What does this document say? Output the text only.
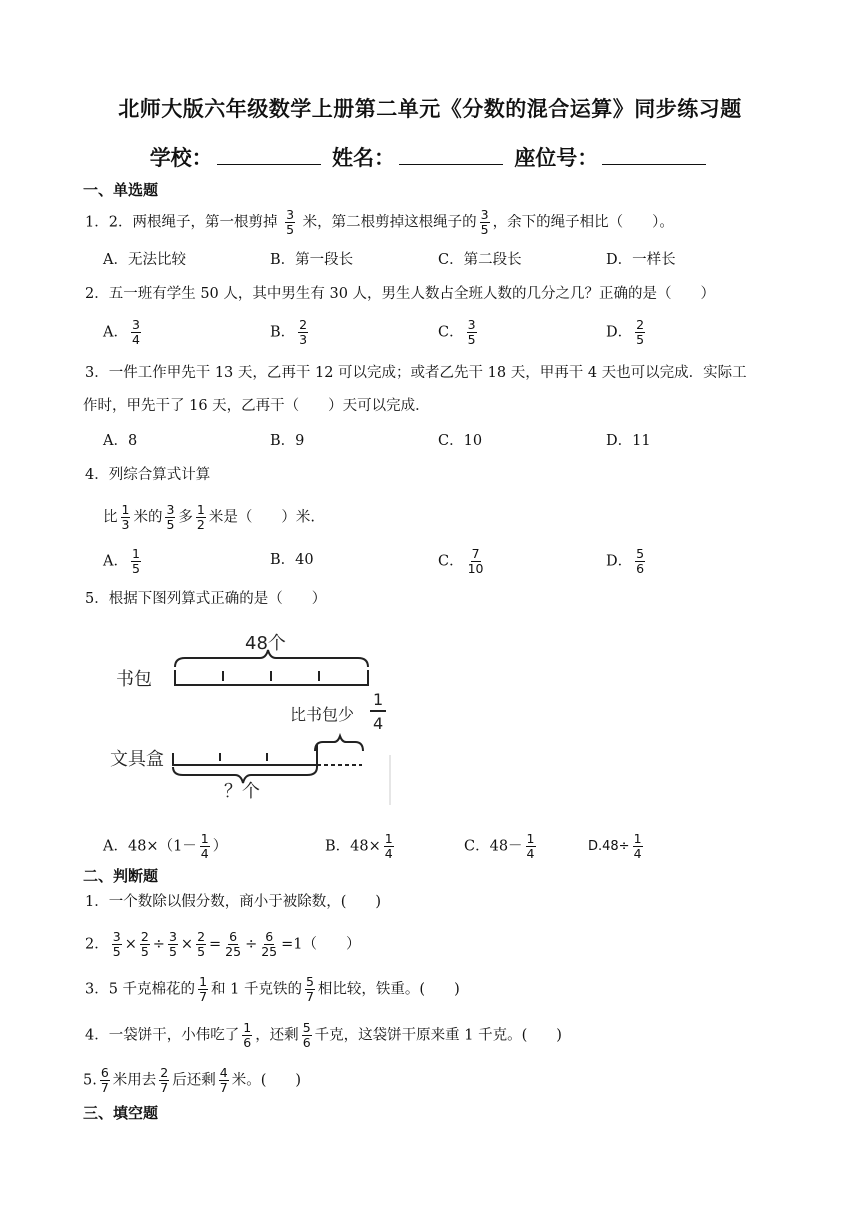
北师大版六年级数学上册第二单元《分数的混合运算》同步练习题
学校：	姓名：	座位号：
一、单选题
1．2．两根绳子，第一根剪掉 $\frac{3}{5}$ 米，第二根剪掉这根绳子的 $\frac{3}{5}$ ，余下的绳子相比（　　）。
A．无法比较	B．第一段长	C．第二段长	D．一样长
2．五一班有学生 50 人，其中男生有 30 人，男生人数占全班人数的几分之几？正确的是（　　）
A． $\frac{3}{4}$	B． $\frac{2}{3}$	C． $\frac{3}{5}$	D． $\frac{2}{5}$
3．一件工作甲先干 13 天，乙再干 12 可以完成；或者乙先干 18 天，甲再干 4 天也可以完成．实际工
作时，甲先干了 16 天，乙再干（　　）天可以完成．
A．8	B．9	C．10	D．11
4．列综合算式计算
比 $\frac{1}{3}$ 米的 $\frac{3}{5}$ 多 $\frac{1}{2}$ 米是（　　）米.
A． $\frac{1}{5}$	B．40	C． $\frac{7}{10}$	D． $\frac{5}{6}$
5．根据下图列算式正确的是（　　）
48个
书包
比书包少
1
4
文具盒
？个
A．$48\times(1- \frac{1}{4}$ ）	B．$48\times \frac{1}{4}$	C．$48- \frac{1}{4}$	$D.48\div \frac{1}{4}$
二、判断题
1．一个数除以假分数，商小于被除数，(　　)
2． $\frac{3}{5} \times \frac{2}{5} \div \frac{3}{5} \times \frac{2}{5} = \frac{6}{25} \div \frac{6}{25} =1$（　　）
3．5 千克棉花的 $\frac{1}{7}$ 和 1 千克铁的 $\frac{5}{7}$ 相比较，铁重。(　　)
4．一袋饼干，小伟吃了 $\frac{1}{6}$ ，还剩 $\frac{5}{6}$ 千克，这袋饼干原来重 1 千克。(　　)
5. $\frac{6}{7}$ 米用去 $\frac{2}{7}$ 后还剩 $\frac{4}{7}$ 米。(　　)
三、填空题
